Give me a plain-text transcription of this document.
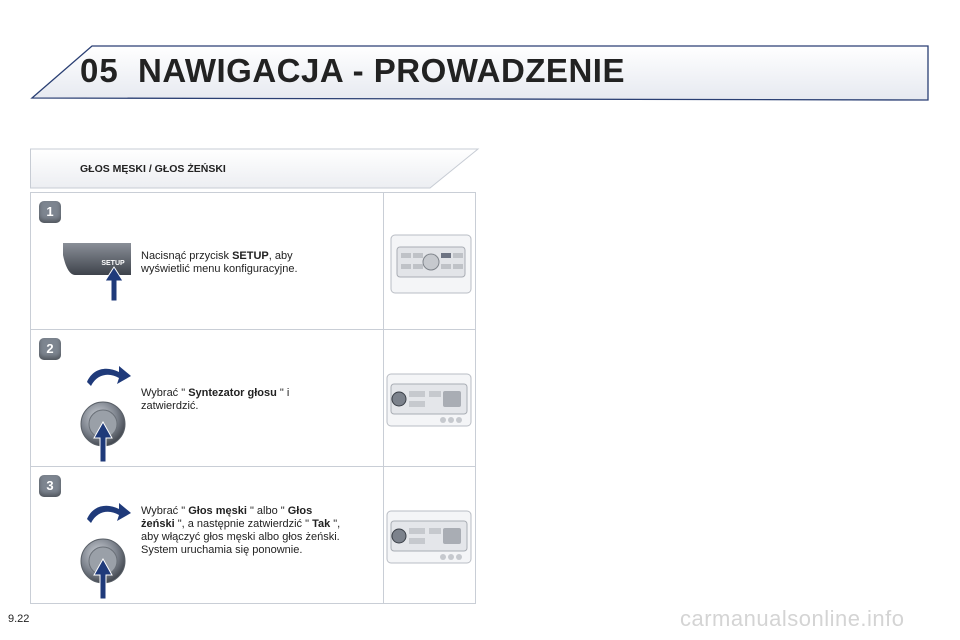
05 NAWIGACJA - PROWADZENIE
GŁOS MĘSKI / GŁOS ŻEŃSKI
1
SETUP
Nacisnąć przycisk SETUP, aby wyświetlić menu konfiguracyjne.
2
Wybrać " Syntezator głosu " i zatwierdzić.
3
Wybrać " Głos męski " albo " Głos żeński ", a następnie zatwierdzić " Tak ", aby włączyć głos męski albo głos żeński. System uruchamia się ponownie.
9.22	carmanualsonline.info
